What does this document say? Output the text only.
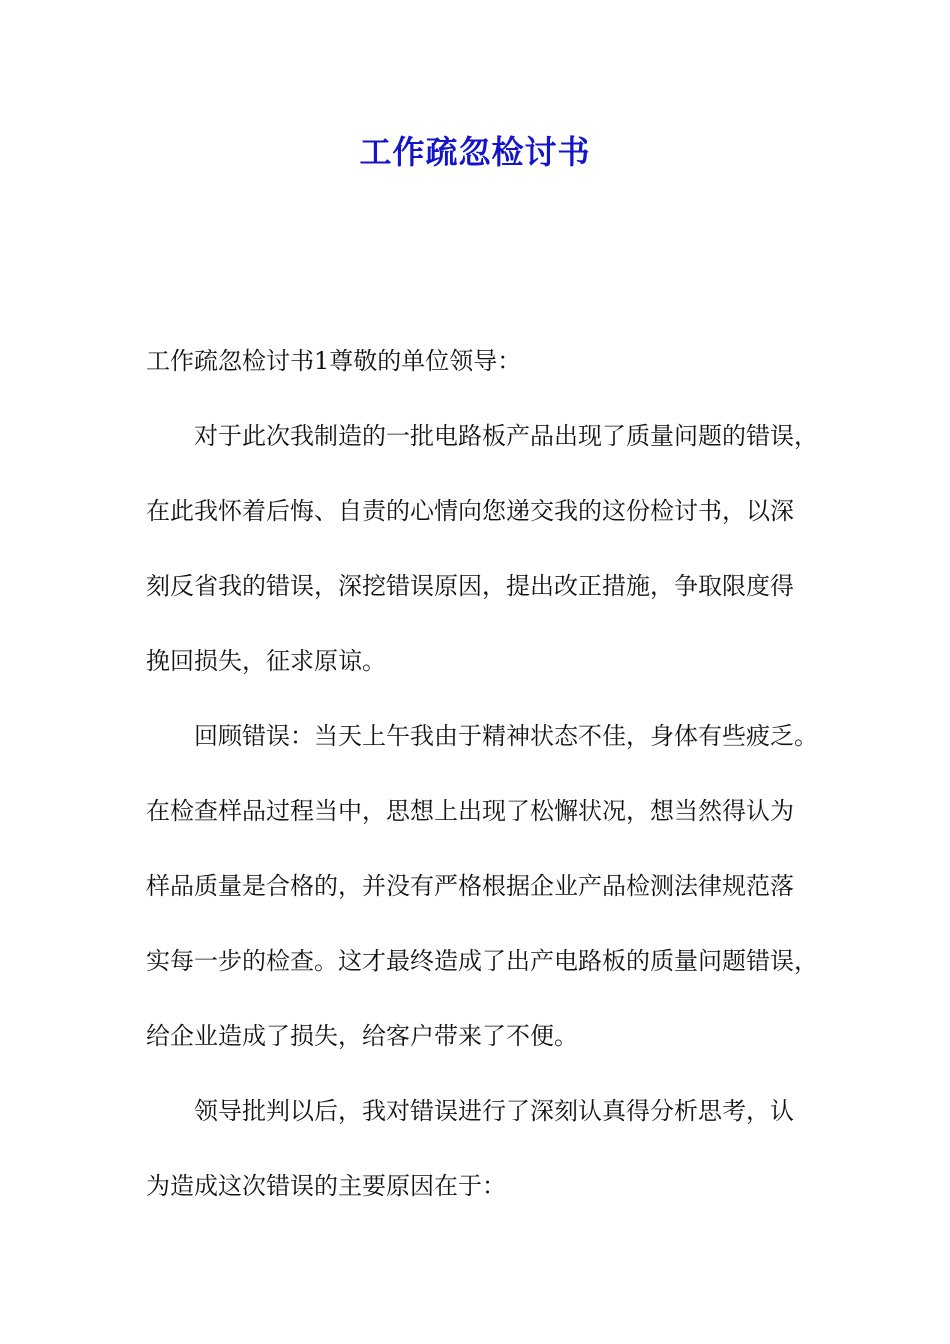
工作疏忽检讨书
工作疏忽检讨书1尊敬的单位领导：
对于此次我制造的一批电路板产品出现了质量问题的错误，
在此我怀着后悔、自责的心情向您递交我的这份检讨书，以深
刻反省我的错误，深挖错误原因，提出改正措施，争取限度得
挽回损失，征求原谅。
回顾错误：当天上午我由于精神状态不佳，身体有些疲乏。
在检查样品过程当中，思想上出现了松懈状况，想当然得认为
样品质量是合格的，并没有严格根据企业产品检测法律规范落
实每一步的检查。这才最终造成了出产电路板的质量问题错误，
给企业造成了损失，给客户带来了不便。
领导批判以后，我对错误进行了深刻认真得分析思考，认
为造成这次错误的主要原因在于：
